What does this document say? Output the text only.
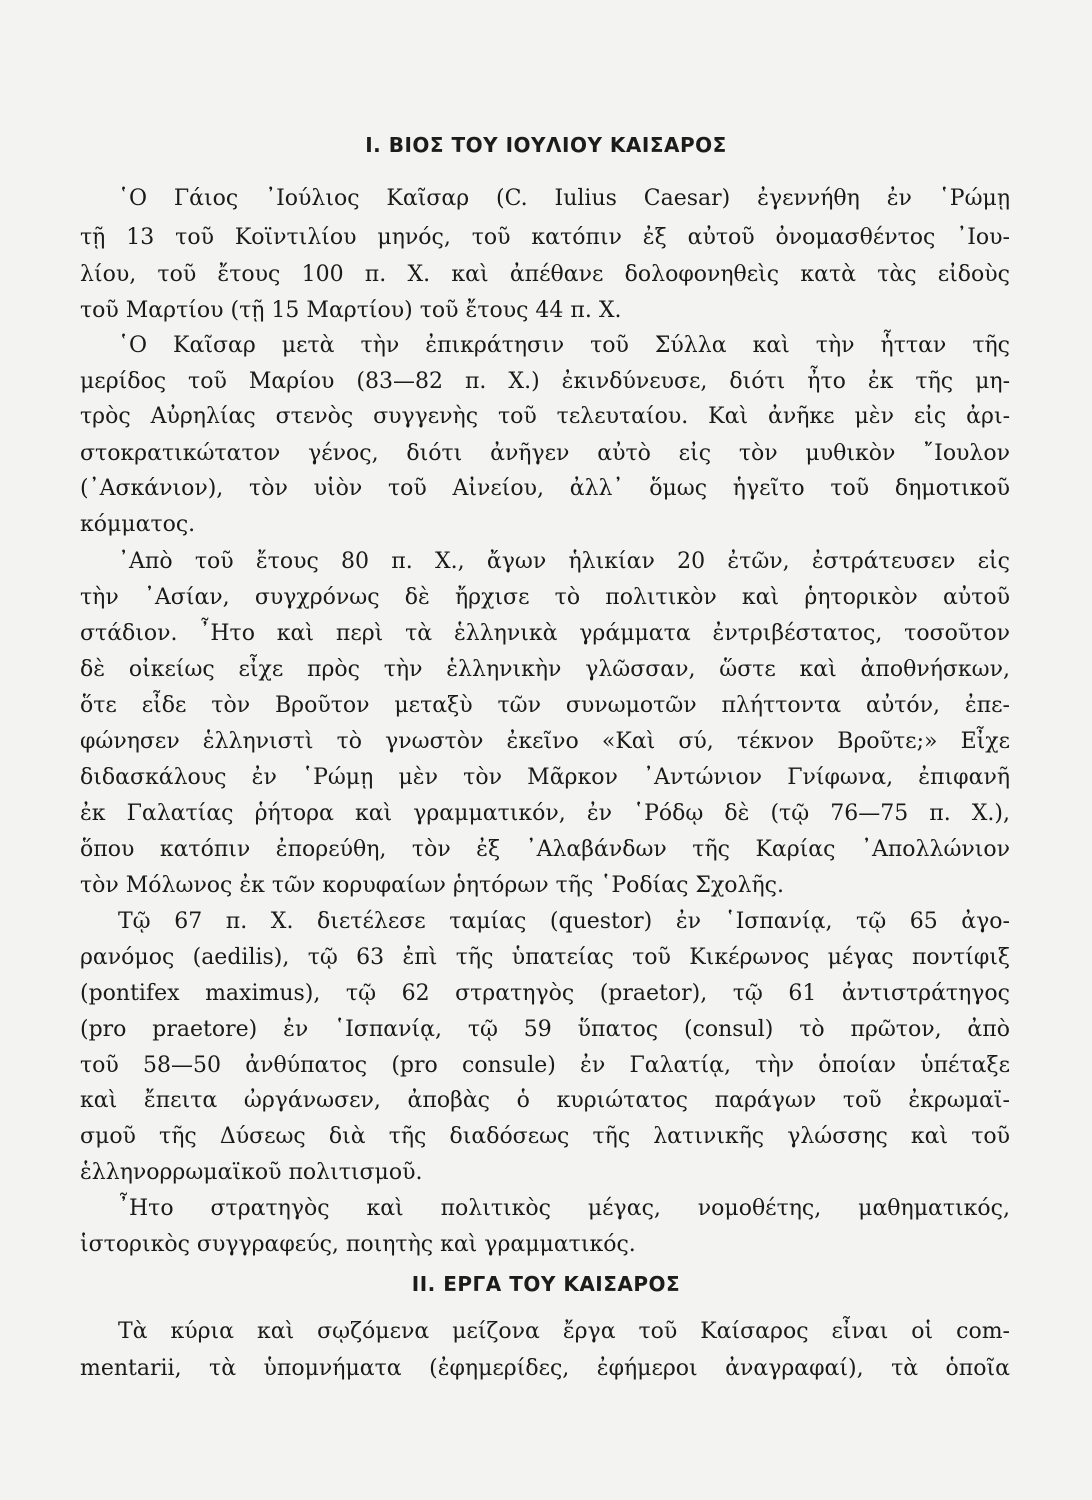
I. ΒΙΟΣ ΤΟΥ ΙΟΥΛΙΟΥ ΚΑΙΣΑΡΟΣ

῾Ο Γάιος ᾿Ιούλιος Καῖσαρ (C. Iulius Caesar) ἐγεννήθη ἐν ῾Ρώμῃ

τῇ 13 τοῦ Κοϊντιλίου μηνός, τοῦ κατόπιν ἐξ αὐτοῦ ὀνομασθέντος ᾿Ιου-

λίου, τοῦ ἔτους 100 π. Χ. καὶ ἀπέθανε δολοφονηθεὶς κατὰ τὰς εἰδοὺς

τοῦ Μαρτίου (τῇ 15 Μαρτίου) τοῦ ἔτους 44 π. Χ.

῾Ο Καῖσαρ μετὰ τὴν ἐπικράτησιν τοῦ Σύλλα καὶ τὴν ἧτταν τῆς

μερίδος τοῦ Μαρίου (83—82 π. Χ.) ἐκινδύνευσε, διότι ἦτο ἐκ τῆς μη-

τρὸς Αὐρηλίας στενὸς συγγενὴς τοῦ τελευταίου. Καὶ ἀνῆκε μὲν εἰς ἀρι-

στοκρατικώτατον γένος, διότι ἀνῆγεν αὐτὸ εἰς τὸν μυθικὸν ῎Ιουλον

(᾿Ασκάνιον), τὸν υἱὸν τοῦ Αἰνείου, ἀλλ᾿ ὅμως ἡγεῖτο τοῦ δημοτικοῦ

κόμματος.

᾿Απὸ τοῦ ἔτους 80 π. Χ., ἄγων ἡλικίαν 20 ἐτῶν, ἐστράτευσεν εἰς

τὴν ᾿Ασίαν, συγχρόνως δὲ ἤρχισε τὸ πολιτικὸν καὶ ῥητορικὸν αὐτοῦ

στάδιον. ῏Ητο καὶ περὶ τὰ ἑλληνικὰ γράμματα ἐντριβέστατος, τοσοῦτον

δὲ οἰκείως εἶχε πρὸς τὴν ἑλληνικὴν γλῶσσαν, ὥστε καὶ ἀποθνήσκων,

ὅτε εἶδε τὸν Βροῦτον μεταξὺ τῶν συνωμοτῶν πλήττοντα αὐτόν, ἐπε-

φώνησεν ἑλληνιστὶ τὸ γνωστὸν ἐκεῖνο «Καὶ σύ, τέκνον Βροῦτε;» Εἶχε

διδασκάλους ἐν ῾Ρώμῃ μὲν τὸν Μᾶρκον ᾿Αντώνιον Γνίφωνα, ἐπιφανῆ

ἐκ Γαλατίας ῥήτορα καὶ γραμματικόν, ἐν ῾Ρόδῳ δὲ (τῷ 76—75 π. Χ.),

ὅπου κατόπιν ἐπορεύθη, τὸν ἐξ ᾿Αλαβάνδων τῆς Καρίας ᾿Απολλώνιον

τὸν Μόλωνος ἐκ τῶν κορυφαίων ῥητόρων τῆς ῾Ροδίας Σχολῆς.

Τῷ 67 π. Χ. διετέλεσε ταμίας (questor) ἐν ῾Ισπανίᾳ, τῷ 65 ἀγο-

ρανόμος (aedilis), τῷ 63 ἐπὶ τῆς ὑπατείας τοῦ Κικέρωνος μέγας ποντίφιξ

(pontifex maximus), τῷ 62 στρατηγὸς (praetor), τῷ 61 ἀντιστράτηγος

(pro praetore) ἐν ῾Ισπανίᾳ, τῷ 59 ὕπατος (consul) τὸ πρῶτον, ἀπὸ

τοῦ 58—50 ἀνθύπατος (pro consule) ἐν Γαλατίᾳ, τὴν ὁποίαν ὑπέταξε

καὶ ἔπειτα ὠργάνωσεν, ἀποβὰς ὁ κυριώτατος παράγων τοῦ ἐκρωμαϊ-

σμοῦ τῆς Δύσεως διὰ τῆς διαδόσεως τῆς λατινικῆς γλώσσης καὶ τοῦ

ἑλληνορρωμαϊκοῦ πολιτισμοῦ.

῏Ητο στρατηγὸς καὶ πολιτικὸς μέγας, νομοθέτης, μαθηματικός,

ἱστορικὸς συγγραφεύς, ποιητὴς καὶ γραμματικός.

II. ΕΡΓΑ ΤΟΥ ΚΑΙΣΑΡΟΣ

Τὰ κύρια καὶ σῳζόμενα μείζονα ἔργα τοῦ Καίσαρος εἶναι οἱ com-

mentarii, τὰ ὑπομνήματα (ἐφημερίδες, ἐφήμεροι ἀναγραφαί), τὰ ὁποῖα
